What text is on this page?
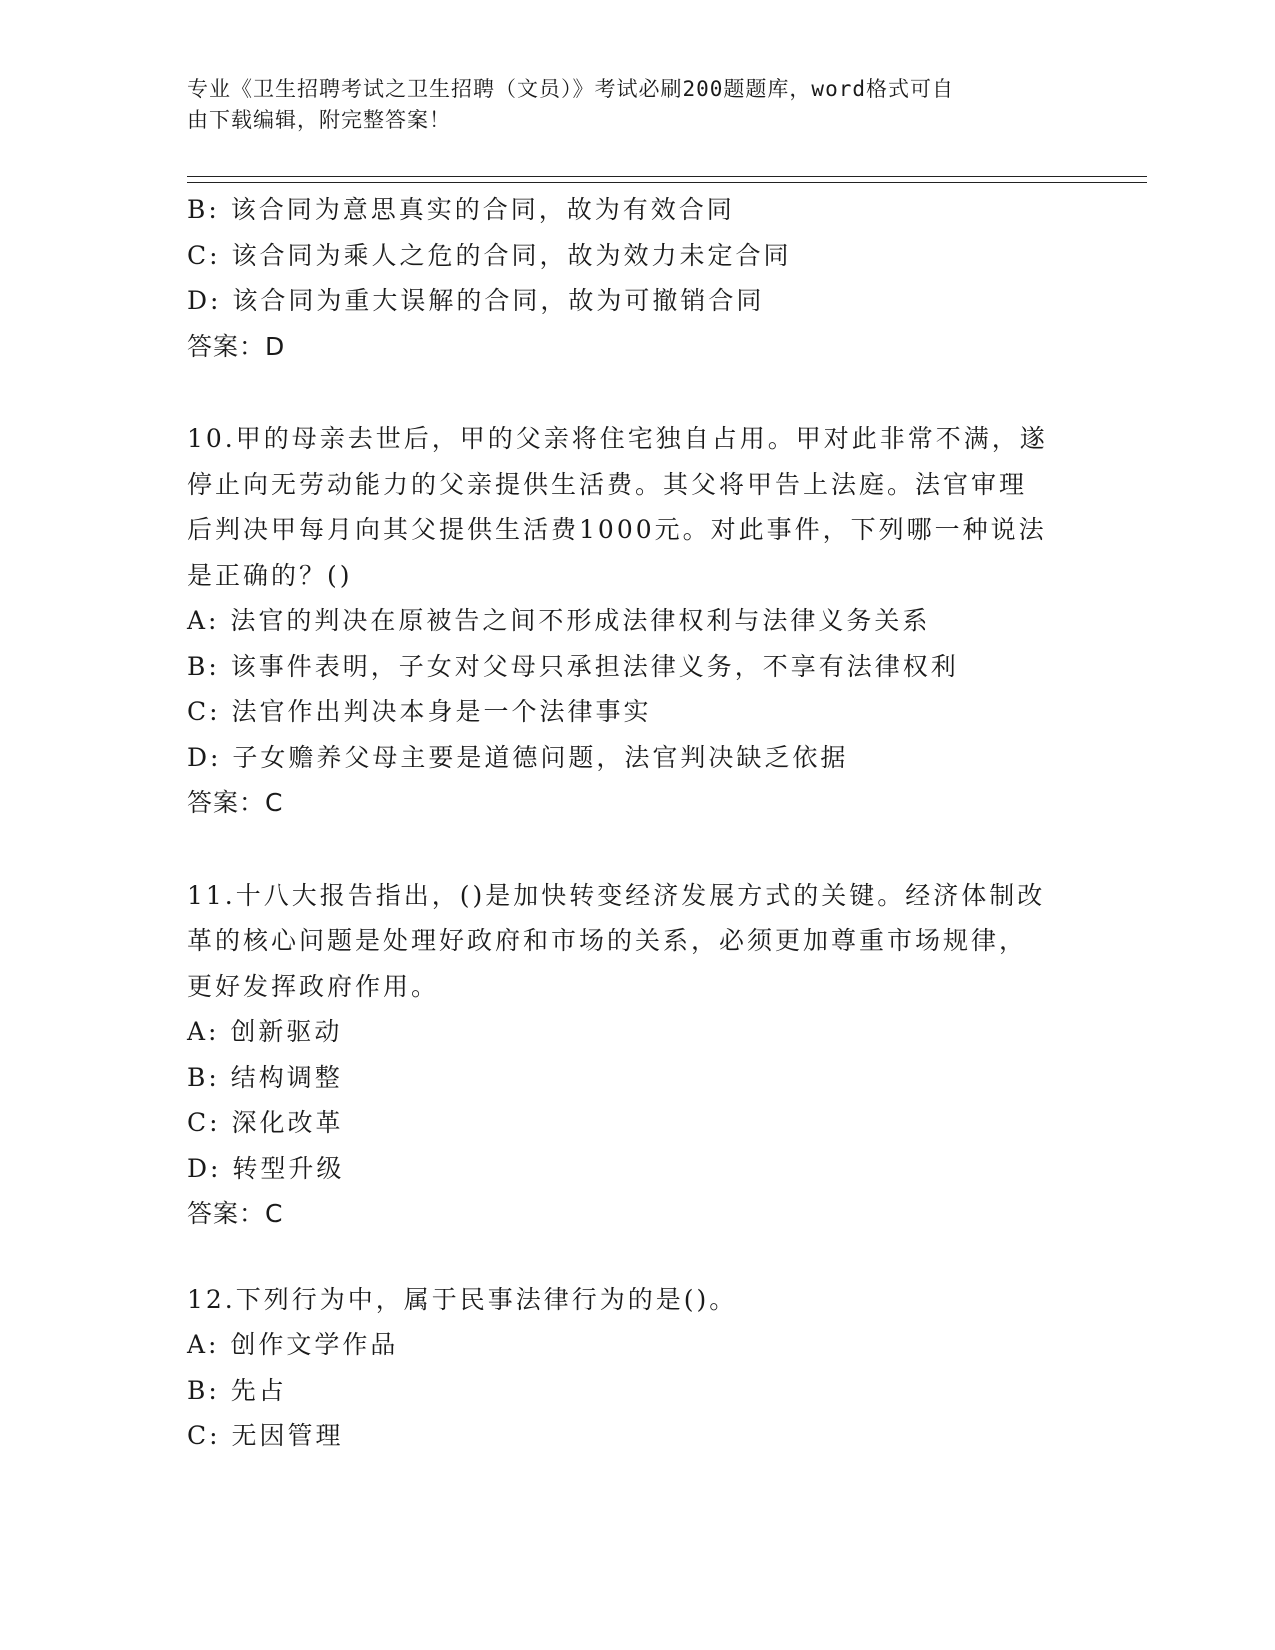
专业《卫生招聘考试之卫生招聘（文员）》考试必刷200题题库，word格式可自
由下载编辑，附完整答案！
B: 该合同为意思真实的合同，故为有效合同
C: 该合同为乘人之危的合同，故为效力未定合同
D: 该合同为重大误解的合同，故为可撤销合同
答案：D
10.甲的母亲去世后，甲的父亲将住宅独自占用。甲对此非常不满，遂
停止向无劳动能力的父亲提供生活费。其父将甲告上法庭。法官审理
后判决甲每月向其父提供生活费1000元。对此事件，下列哪一种说法
是正确的？()
A: 法官的判决在原被告之间不形成法律权利与法律义务关系
B: 该事件表明，子女对父母只承担法律义务，不享有法律权利
C: 法官作出判决本身是一个法律事实
D: 子女赡养父母主要是道德问题，法官判决缺乏依据
答案：C
11.十八大报告指出，()是加快转变经济发展方式的关键。经济体制改
革的核心问题是处理好政府和市场的关系，必须更加尊重市场规律，
更好发挥政府作用。
A: 创新驱动
B: 结构调整
C: 深化改革
D: 转型升级
答案：C
12.下列行为中，属于民事法律行为的是()。
A: 创作文学作品
B: 先占
C: 无因管理
